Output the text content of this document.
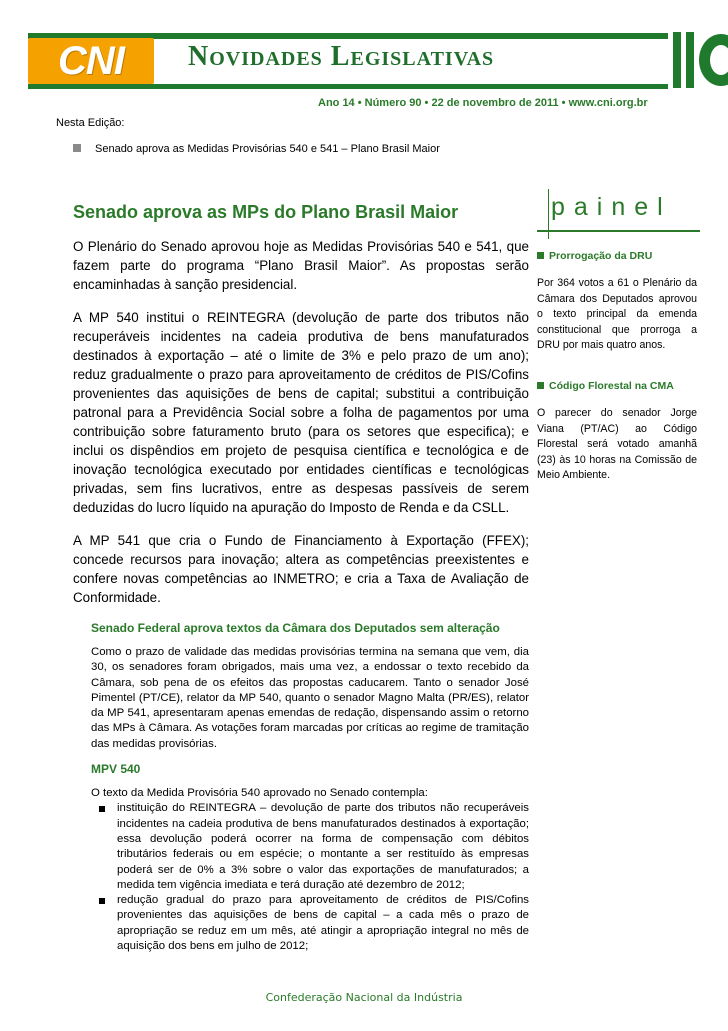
CNI Novidades Legislativas
Ano 14 • Número 90 • 22 de novembro de 2011 • www.cni.org.br
Nesta Edição:
Senado aprova as Medidas Provisórias 540 e 541 – Plano Brasil Maior
Senado aprova as MPs do Plano Brasil Maior

O Plenário do Senado aprovou hoje as Medidas Provisórias 540 e 541, que fazem parte do programa “Plano Brasil Maior”. As propostas serão encaminhadas à sanção presidencial.

A MP 540 institui o REINTEGRA (devolução de parte dos tributos não recuperáveis incidentes na cadeia produtiva de bens manufaturados destinados à exportação – até o limite de 3% e pelo prazo de um ano); reduz gradualmente o prazo para aproveitamento de créditos de PIS/Cofins provenientes das aquisições de bens de capital; substitui a contribuição patronal para a Previdência Social sobre a folha de pagamentos por uma contribuição sobre faturamento bruto (para os setores que especifica); e inclui os dispêndios em projeto de pesquisa científica e tecnológica e de inovação tecnológica executado por entidades científicas e tecnológicas privadas, sem fins lucrativos, entre as despesas passíveis de serem deduzidas do lucro líquido na apuração do Imposto de Renda e da CSLL.

A MP 541 que cria o Fundo de Financiamento à Exportação (FFEX); concede recursos para inovação; altera as competências preexistentes e confere novas competências ao INMETRO; e cria a Taxa de Avaliação de Conformidade.

Senado Federal aprova textos da Câmara dos Deputados sem alteração

Como o prazo de validade das medidas provisórias termina na semana que vem, dia 30, os senadores foram obrigados, mais uma vez, a endossar o texto recebido da Câmara, sob pena de os efeitos das propostas caducarem. Tanto o senador José Pimentel (PT/CE), relator da MP 540, quanto o senador Magno Malta (PR/ES), relator da MP 541, apresentaram apenas emendas de redação, dispensando assim o retorno das MPs à Câmara. As votações foram marcadas por críticas ao regime de tramitação das medidas provisórias.

MPV 540

O texto da Medida Provisória 540 aprovado no Senado contempla:

instituição do REINTEGRA – devolução de parte dos tributos não recuperáveis incidentes na cadeia produtiva de bens manufaturados destinados à exportação; essa devolução poderá ocorrer na forma de compensação com débitos tributários federais ou em espécie; o montante a ser restituído às empresas poderá ser de 0% a 3% sobre o valor das exportações de manufaturados; a medida tem vigência imediata e terá duração até dezembro de 2012;
redução gradual do prazo para aproveitamento de créditos de PIS/Cofins provenientes das aquisições de bens de capital – a cada mês o prazo de apropriação se reduz em um mês, até atingir a apropriação integral no mês de aquisição dos bens em julho de 2012;
painel
Prorrogação da DRU

Por 364 votos a 61 o Plenário da Câmara dos Deputados aprovou o texto principal da emenda constitucional que prorroga a DRU por mais quatro anos.

Código Florestal na CMA

O parecer do senador Jorge Viana (PT/AC) ao Código Florestal será votado amanhã (23) às 10 horas na Comissão de Meio Ambiente.

Confederação Nacional da Indústria
